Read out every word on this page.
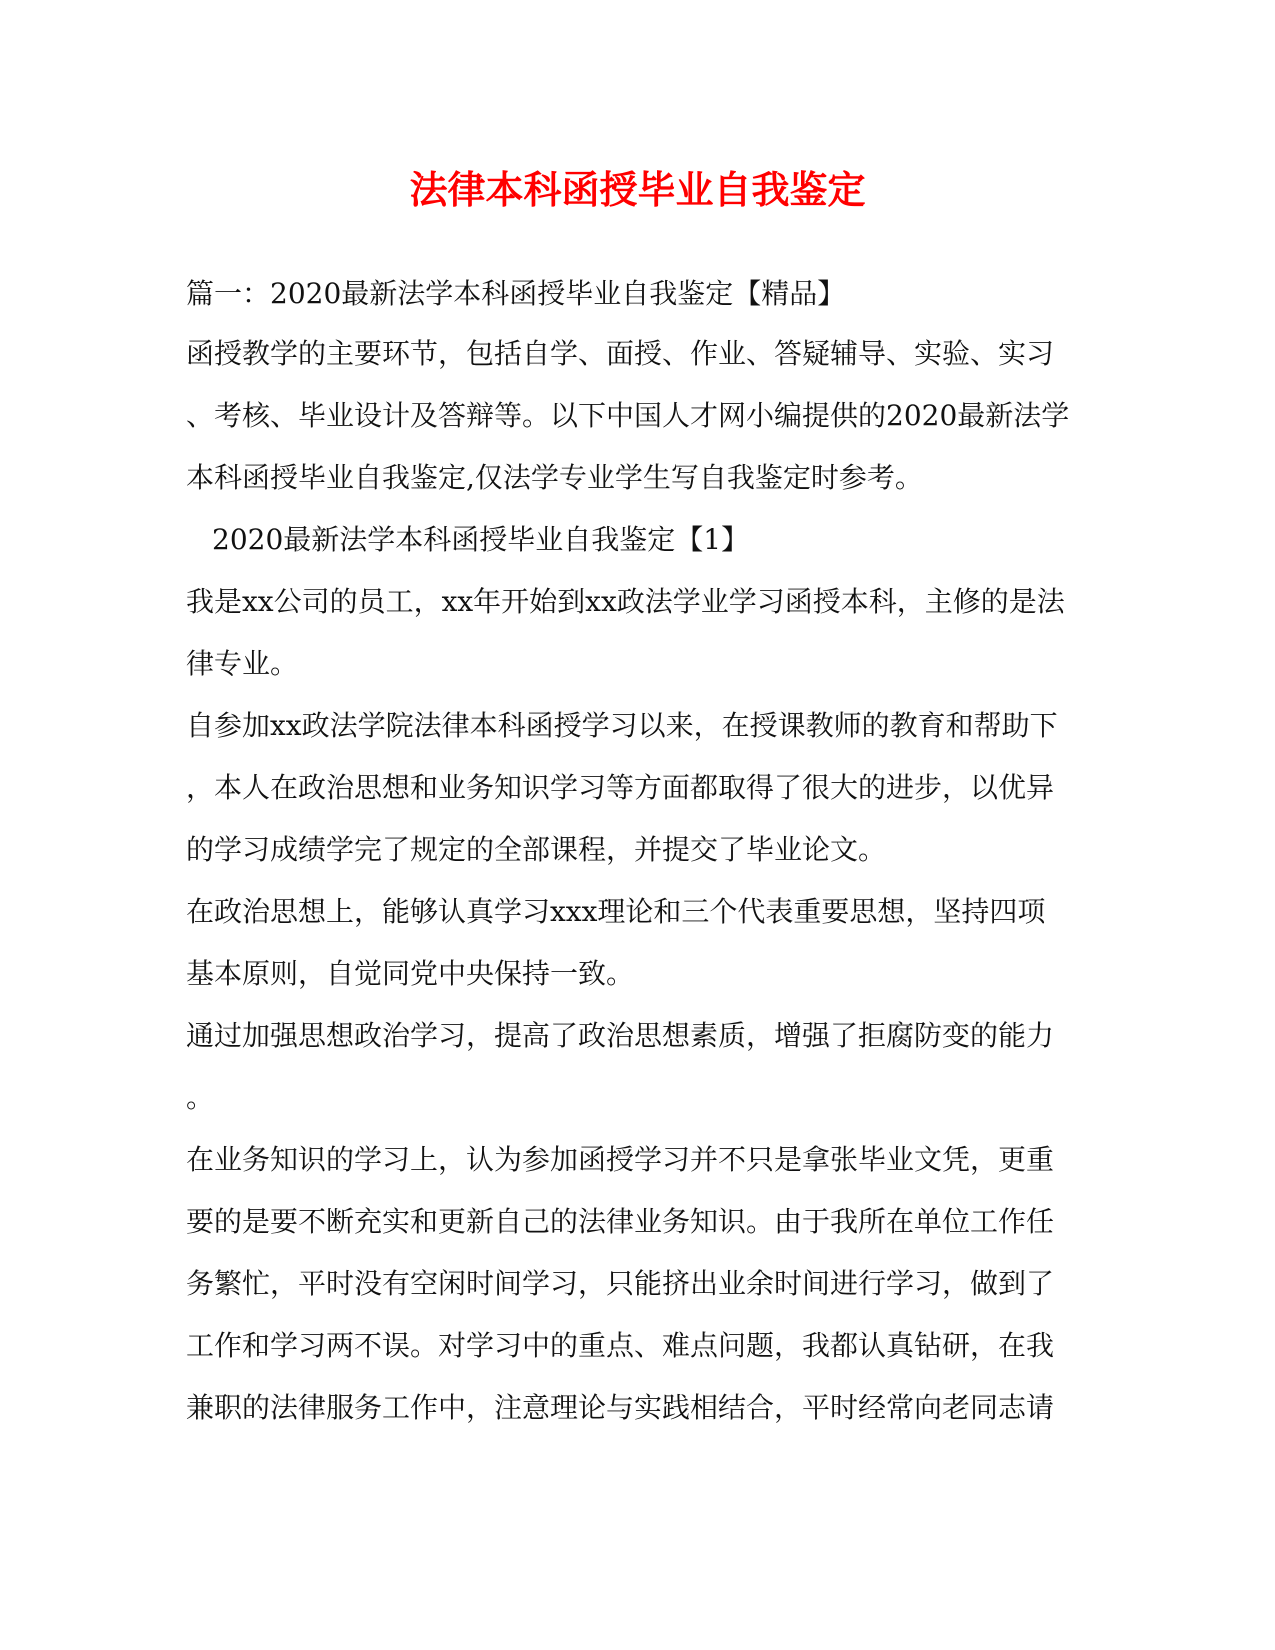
法律本科函授毕业自我鉴定
篇一：2020最新法学本科函授毕业自我鉴定【精品】
函授教学的主要环节，包括自学、面授、作业、答疑辅导、实验、实习
、考核、毕业设计及答辩等。以下中国人才网小编提供的2020最新法学
本科函授毕业自我鉴定,仅法学专业学生写自我鉴定时参考。
2020最新法学本科函授毕业自我鉴定【1】
我是xx公司的员工，xx年开始到xx政法学业学习函授本科，主修的是法
律专业。
自参加xx政法学院法律本科函授学习以来，在授课教师的教育和帮助下
，本人在政治思想和业务知识学习等方面都取得了很大的进步，以优异
的学习成绩学完了规定的全部课程，并提交了毕业论文。
在政治思想上，能够认真学习xxx理论和三个代表重要思想，坚持四项
基本原则，自觉同党中央保持一致。
通过加强思想政治学习，提高了政治思想素质，增强了拒腐防变的能力
。
在业务知识的学习上，认为参加函授学习并不只是拿张毕业文凭，更重
要的是要不断充实和更新自己的法律业务知识。由于我所在单位工作任
务繁忙，平时没有空闲时间学习，只能挤出业余时间进行学习，做到了
工作和学习两不误。对学习中的重点、难点问题，我都认真钻研，在我
兼职的法律服务工作中，注意理论与实践相结合，平时经常向老同志请
